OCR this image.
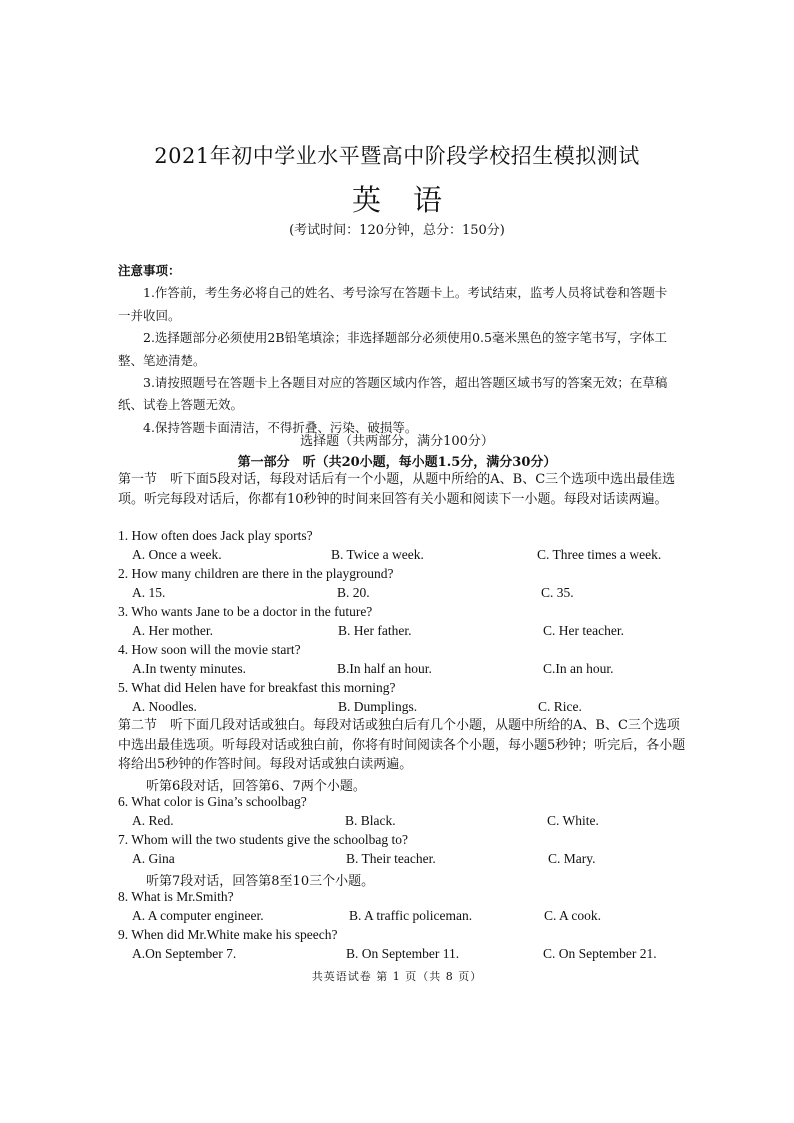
2021年初中学业水平暨高中阶段学校招生模拟测试
英语
(考试时间：120分钟，总分：150分)
注意事项：
1.作答前，考生务必将自己的姓名、考号涂写在答题卡上。考试结束，监考人员将试卷和答题卡一并收回。
2.选择题部分必须使用2B铅笔填涂；非选择题部分必须使用0.5毫米黑色的签字笔书写，字体工整、笔迹清楚。
3.请按照题号在答题卡上各题目对应的答题区域内作答，超出答题区域书写的答案无效；在草稿纸、试卷上答题无效。
4.保持答题卡面清洁，不得折叠、污染、破损等。
选择题（共两部分，满分100分）
第一部分　听（共20小题，每小题1.5分，满分30分）
第一节　听下面5段对话，每段对话后有一个小题，从题中所给的A、B、C三个选项中选出最佳选项。听完每段对话后，你都有10秒钟的时间来回答有关小题和阅读下一小题。每段对话读两遍。
1. How often does Jack play sports?
A. Once a week.	B. Twice a week.	C. Three times a week.
2. How many children are there in the playground?
A. 15.	B. 20.	C. 35.
3. Who wants Jane to be a doctor in the future?
A. Her mother.	B. Her father.	C. Her teacher.
4. How soon will the movie start?
A.In twenty minutes.	B.In half an hour.	C.In an hour.
5. What did Helen have for breakfast this morning?
A. Noodles.	B. Dumplings.	C. Rice.
第二节　听下面几段对话或独白。每段对话或独白后有几个小题，从题中所给的A、B、C三个选项中选出最佳选项。听每段对话或独白前，你将有时间阅读各个小题，每小题5秒钟；听完后，各小题将给出5秒钟的作答时间。每段对话或独白读两遍。
听第6段对话，回答第6、7两个小题。
6. What color is Gina’s schoolbag?
A. Red.	B. Black.	C. White.
7. Whom will the two students give the schoolbag to?
A. Gina	B. Their teacher.	C. Mary.
听第7段对话，回答第8至10三个小题。
8. What is Mr.Smith?
A. A computer engineer.	B. A traffic policeman.	C. A cook.
9. When did Mr.White make his speech?
A.On September 7.	B. On September 11.	C. On September 21.
共英语试卷 第 1 页（共 8 页）
